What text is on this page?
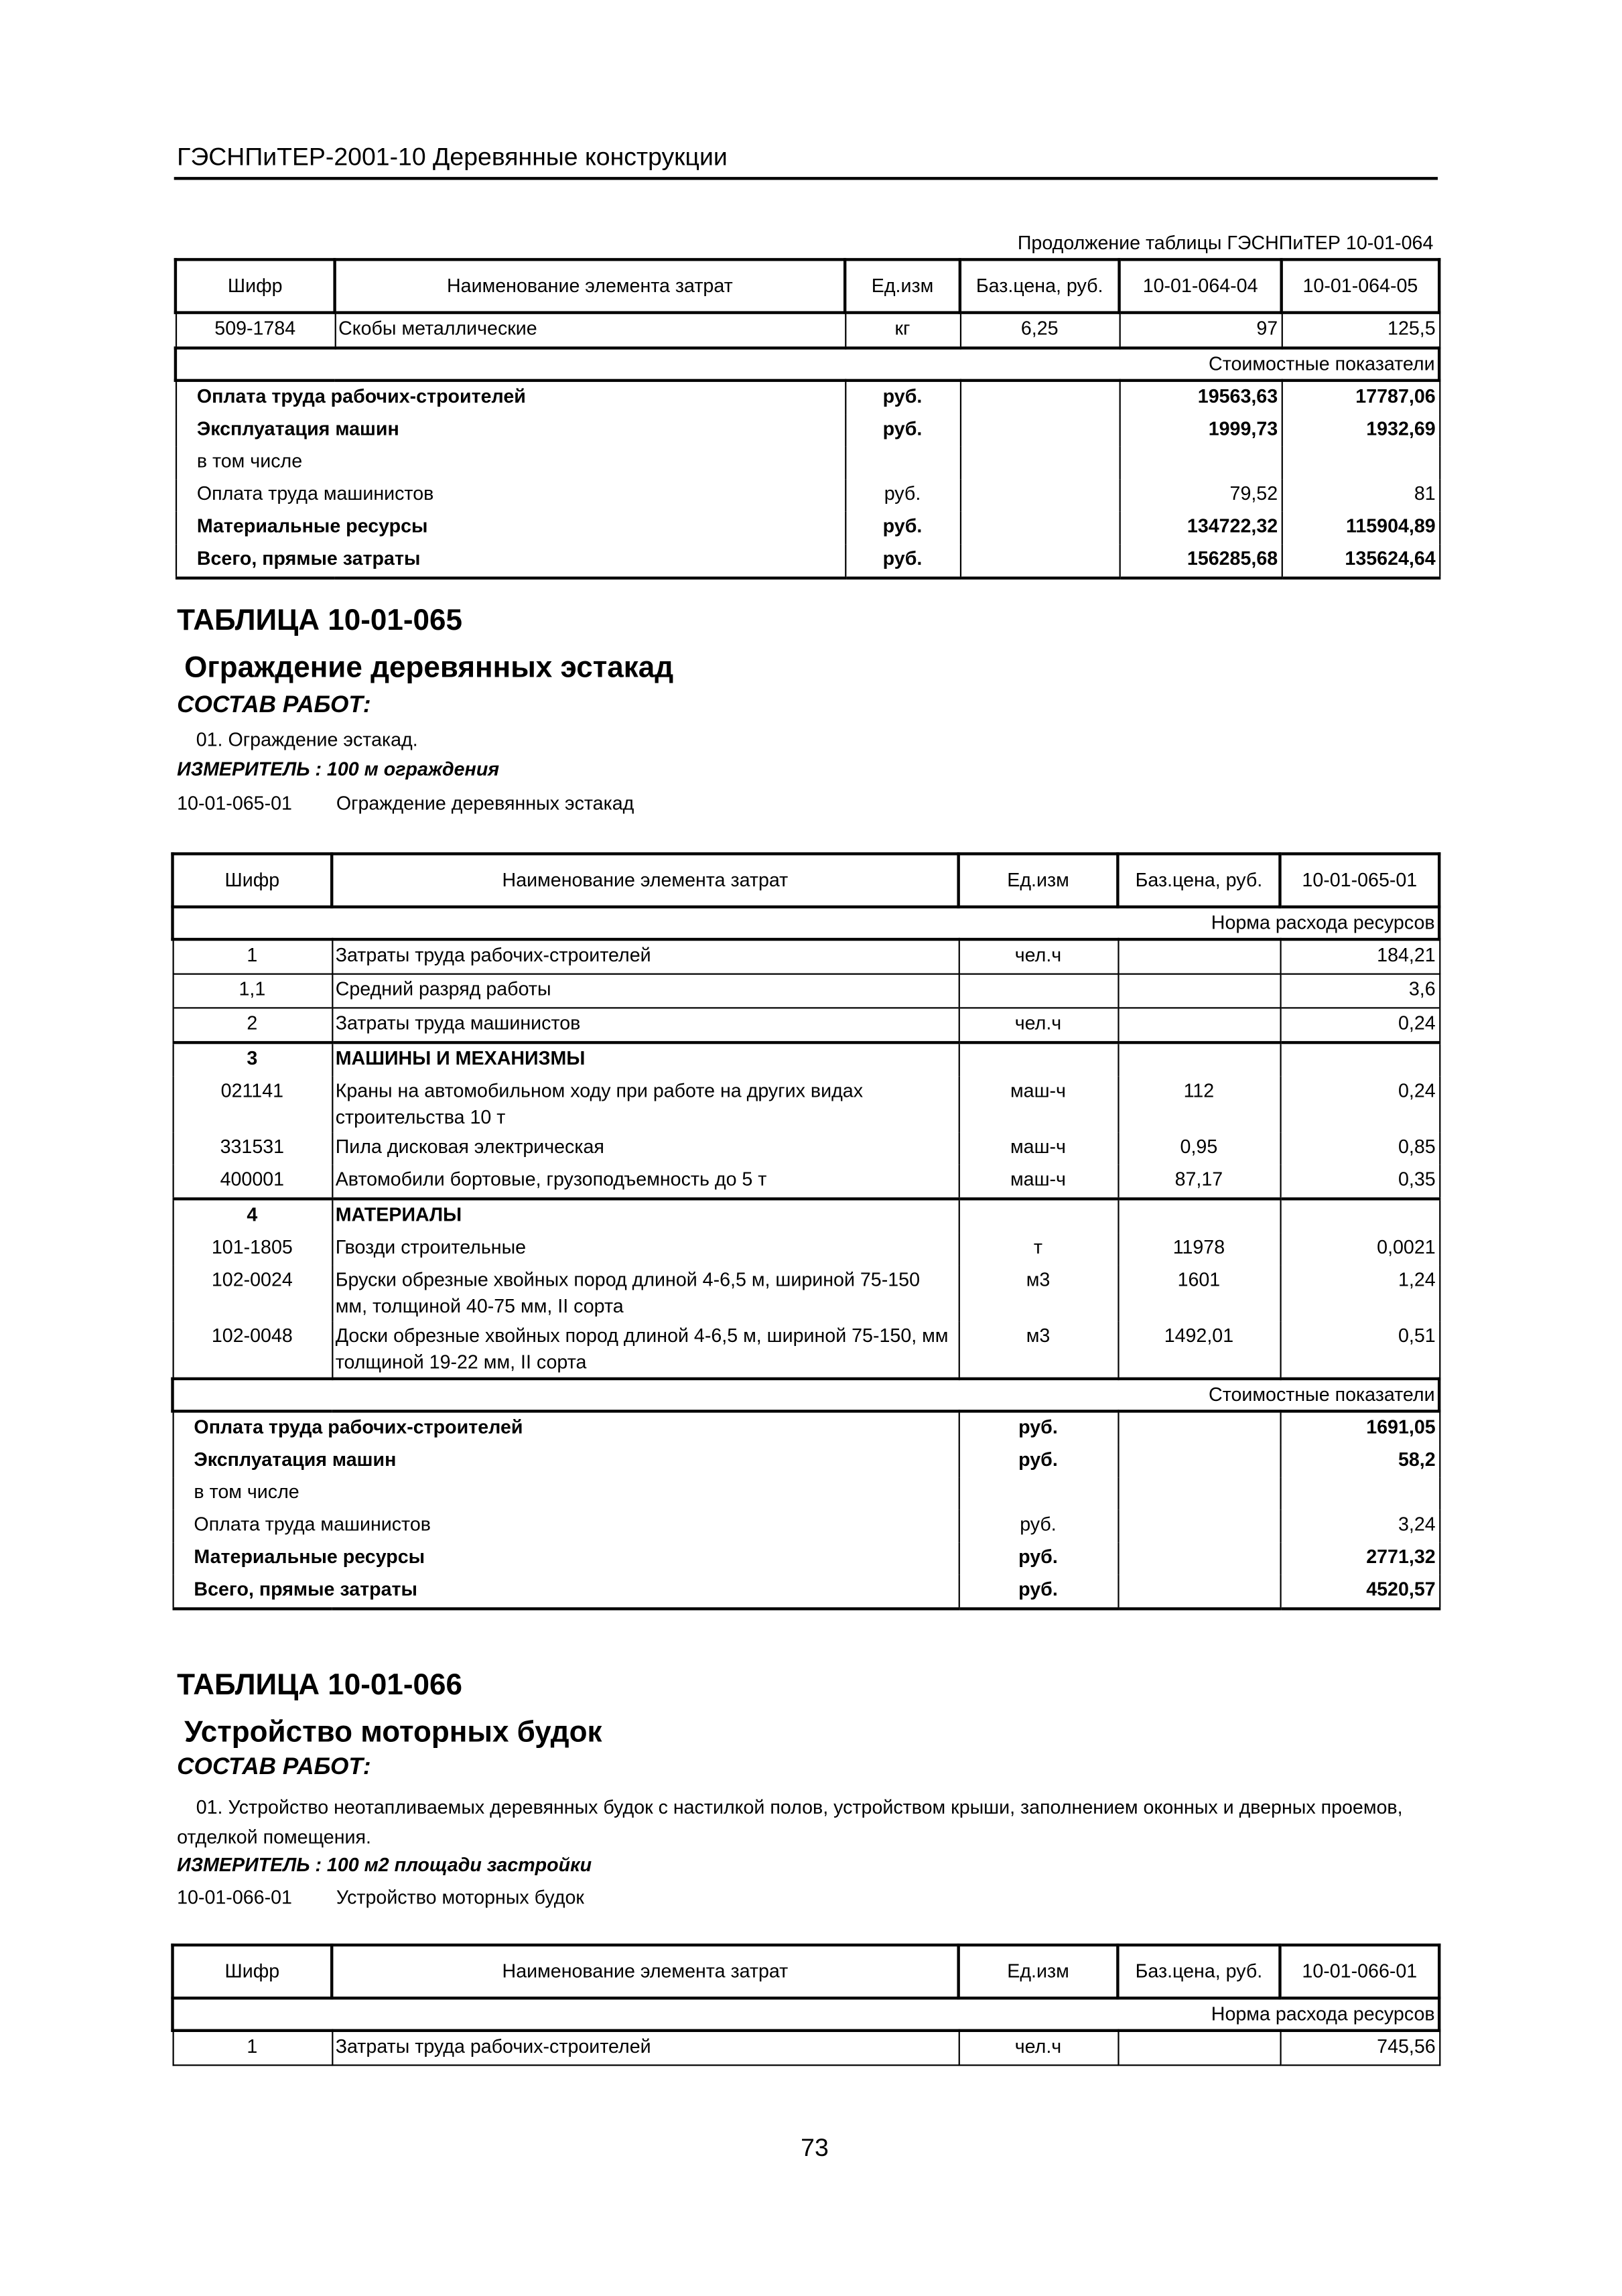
ГЭСНПиТЕР-2001-10 Деревянные конструкции
Продолжение таблицы ГЭСНПиТЕР 10-01-064
Шифр	Наименование элемента затрат	Ед.изм	Баз.цена, руб.	10-01-064-04	10-01-064-05
509-1784	Скобы металлические	кг	6,25	97	125,5
Стоимостные показатели					
Оплата труда рабочих-строителей		руб.		19563,63	17787,06
Эксплуатация машин		руб.		1999,73	1932,69
в том числе					
Оплата труда машинистов		руб.		79,52	81
Материальные ресурсы		руб.		134722,32	115904,89
Всего, прямые затраты		руб.		156285,68	135624,64
ТАБЛИЦА 10-01-065
Ограждение деревянных эстакад
СОСТАВ РАБОТ:
01. Ограждение эстакад.
ИЗМЕРИТЕЛЬ : 100 м ограждения
10-01-065-01	Ограждение деревянных эстакад
Шифр	Наименование элемента затрат	Ед.изм	Баз.цена, руб.	10-01-065-01
Норма расхода ресурсов				
1	Затраты труда рабочих-строителей	чел.ч		184,21
1,1	Средний разряд работы			3,6
2	Затраты труда машинистов	чел.ч		0,24
3	МАШИНЫ И МЕХАНИЗМЫ			
021141	Краны на автомобильном ходу при работе на других видах строительства 10 т	маш-ч	112	0,24
331531	Пила дисковая электрическая	маш-ч	0,95	0,85
400001	Автомобили бортовые, грузоподъемность до 5 т	маш-ч	87,17	0,35
4	МАТЕРИАЛЫ			
101-1805	Гвозди строительные	т	11978	0,0021
102-0024	Бруски обрезные хвойных пород длиной 4-6,5 м, шириной 75-150 мм, толщиной 40-75 мм, II сорта	м3	1601	1,24
102-0048	Доски обрезные хвойных пород длиной 4-6,5 м, шириной 75-150, мм толщиной 19-22 мм, II сорта	м3	1492,01	0,51
Стоимостные показатели				
Оплата труда рабочих-строителей		руб.		1691,05
Эксплуатация машин		руб.		58,2
в том числе				
Оплата труда машинистов		руб.		3,24
Материальные ресурсы		руб.		2771,32
Всего, прямые затраты		руб.		4520,57
ТАБЛИЦА 10-01-066
Устройство моторных будок
СОСТАВ РАБОТ:
01. Устройство неотапливаемых деревянных будок с настилкой полов, устройством крыши, заполнением оконных и дверных проемов, отделкой помещения.
ИЗМЕРИТЕЛЬ : 100 м2 площади застройки
10-01-066-01	Устройство моторных будок
Шифр	Наименование элемента затрат	Ед.изм	Баз.цена, руб.	10-01-066-01
Норма расхода ресурсов				
1	Затраты труда рабочих-строителей	чел.ч		745,56
73
